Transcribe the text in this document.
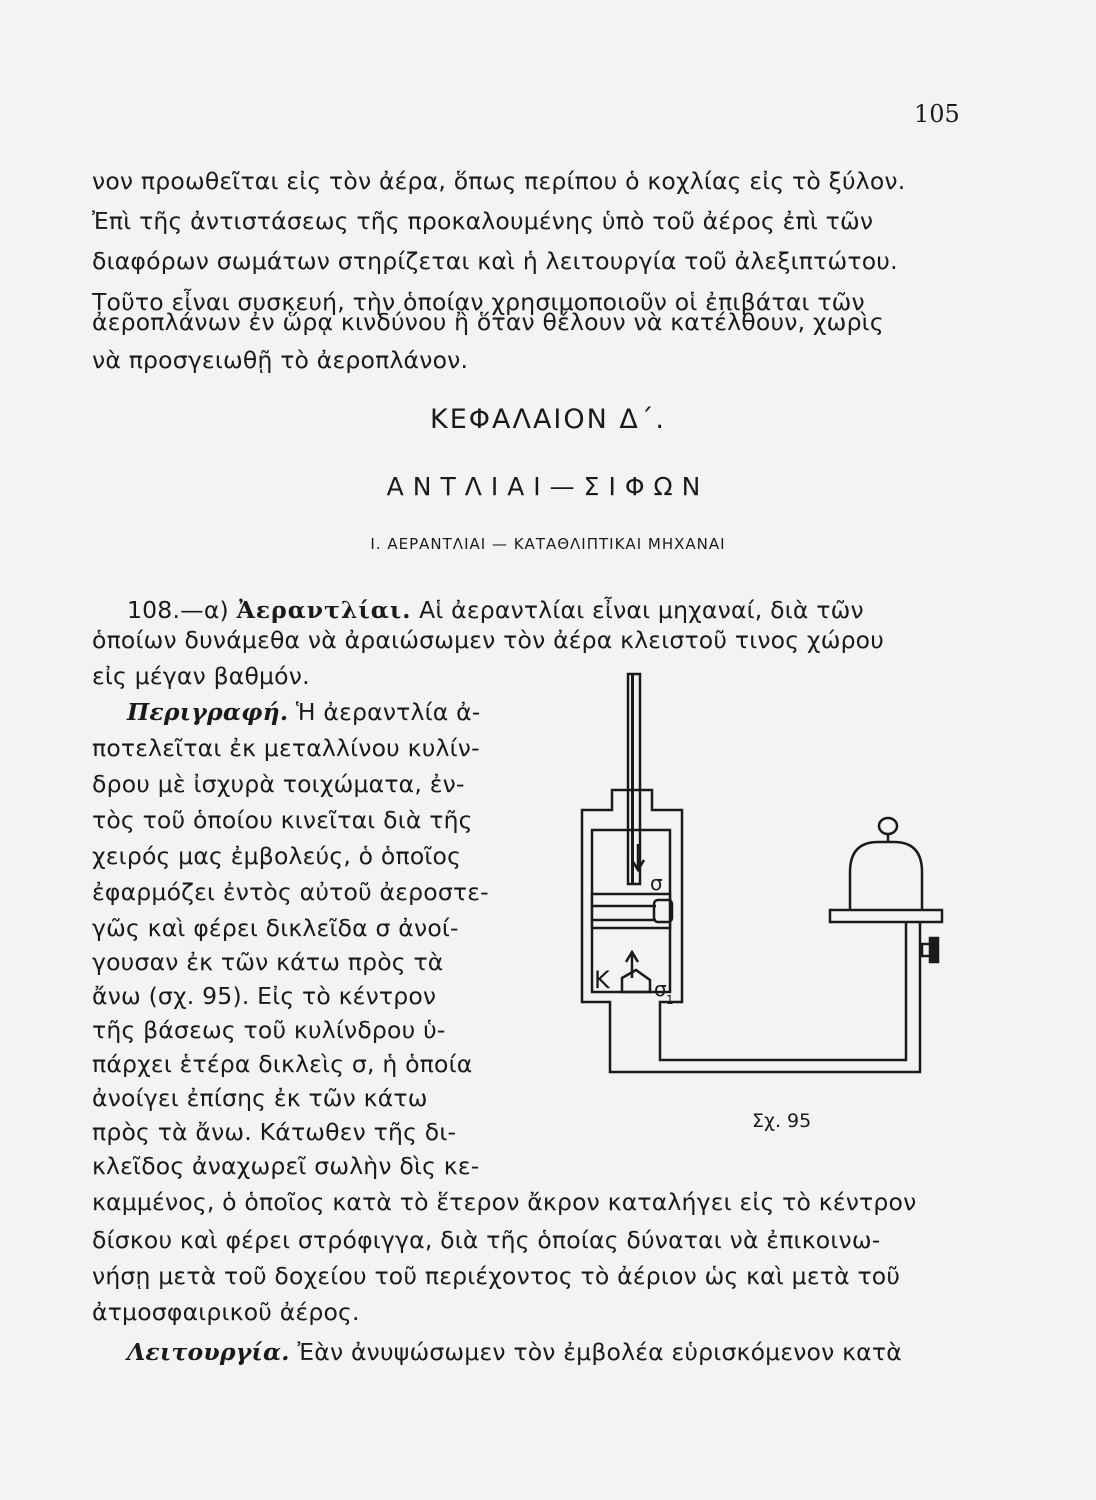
105
νον προωθεῖται εἰς τὸν ἀέρα, ὅπως περίπου ὁ κοχλίας εἰς τὸ ξύλον.
Ἐπὶ τῆς ἀντιστάσεως τῆς προκαλουμένης ὑπὸ τοῦ ἀέρος ἐπὶ τῶν
διαφόρων σωμάτων στηρίζεται καὶ ἡ λειτουργία τοῦ ἀλεξιπτώτου.
Τοῦτο εἶναι συσκευή, τὴν ὁποίαν χρησιμοποιοῦν οἱ ἐπιβάται τῶν
ἀεροπλάνων ἐν ὥρᾳ κινδύνου ἢ ὅταν θέλουν νὰ κατέλθουν, χωρὶς
νὰ προσγειωθῇ τὸ ἀεροπλάνον.
ΚΕΦΑΛΑΙΟΝ Δ΄.
ΑΝΤΛΙΑΙ—ΣΙΦΩΝ
Ι. ΑΕΡΑΝΤΛΙΑΙ — ΚΑΤΑΘΛΙΠΤΙΚΑΙ ΜΗΧΑΝΑΙ
108.—α) Ἀεραντλίαι. Αἱ ἀεραντλίαι εἶναι μηχαναί, διὰ τῶν
ὁποίων δυνάμεθα νὰ ἀραιώσωμεν τὸν ἀέρα κλειστοῦ τινος χώρου
εἰς μέγαν βαθμόν.
Περιγραφή. Ἡ ἀεραντλία ἀ-
ποτελεῖται ἐκ μεταλλίνου κυλίν-
δρου μὲ ἰσχυρὰ τοιχώματα, ἐν-
τὸς τοῦ ὁποίου κινεῖται διὰ τῆς
χειρός μας ἐμβολεύς, ὁ ὁποῖος
ἐφαρμόζει ἐντὸς αὐτοῦ ἀεροστε-
γῶς καὶ φέρει δικλεῖδα σ ἀνοί-
γουσαν ἐκ τῶν κάτω πρὸς τὰ
ἄνω (σχ. 95). Εἰς τὸ κέντρον
τῆς βάσεως τοῦ κυλίνδρου ὑ-
πάρχει ἑτέρα δικλεὶς σ, ἡ ὁποία
ἀνοίγει ἐπίσης ἐκ τῶν κάτω
πρὸς τὰ ἄνω. Κάτωθεν τῆς δι-
κλεῖδος ἀναχωρεῖ σωλὴν δὶς κε-
καμμένος, ὁ ὁποῖος κατὰ τὸ ἕτερον ἄκρον καταλήγει εἰς τὸ κέντρον
δίσκου καὶ φέρει στρόφιγγα, διὰ τῆς ὁποίας δύναται νὰ ἐπικοινω-
νήσῃ μετὰ τοῦ δοχείου τοῦ περιέχοντος τὸ ἀέριον ὡς καὶ μετὰ τοῦ
ἀτμοσφαιρικοῦ ἀέρος.
Λειτουργία. Ἐὰν ἀνυψώσωμεν τὸν ἐμβολέα εὑρισκόμενον κατὰ
Κ
σ
σ 1
Σχ. 95
